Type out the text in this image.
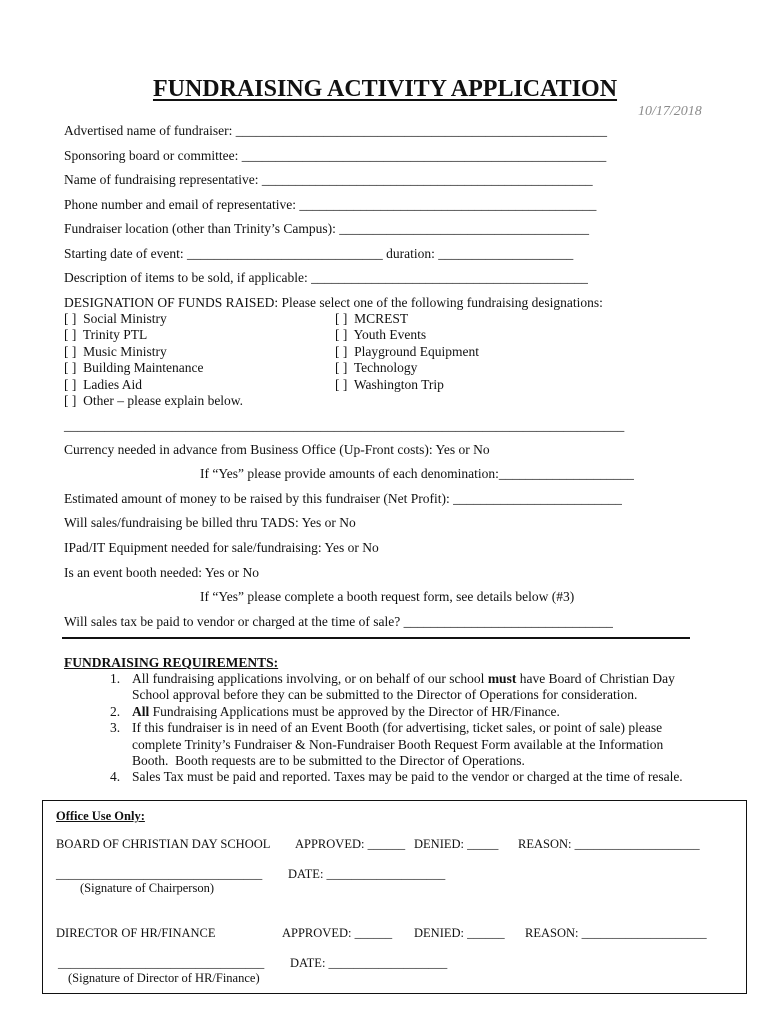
FUNDRAISING ACTIVITY APPLICATION
10/17/2018
Advertised name of fundraiser: _______________________________________________________
Sponsoring board or committee: ______________________________________________________
Name of fundraising representative: _________________________________________________
Phone number and email of representative: ____________________________________________
Fundraiser location (other than Trinity’s Campus): _____________________________________
Starting date of event: _____________________________ duration: ____________________
Description of items to be sold, if applicable: _________________________________________
DESIGNATION OF FUNDS RAISED: Please select one of the following fundraising designations:
[ ]  Social Ministry
[ ]  Trinity PTL
[ ]  Music Ministry
[ ]  Building Maintenance
[ ]  Ladies Aid
[ ]  Other – please explain below.
[ ]  MCREST
[ ]  Youth Events
[ ]  Playground Equipment
[ ]  Technology
[ ]  Washington Trip
___________________________________________________________________________________
Currency needed in advance from Business Office (Up-Front costs): Yes or No
If “Yes” please provide amounts of each denomination:____________________
Estimated amount of money to be raised by this fundraiser (Net Profit): _________________________
Will sales/fundraising be billed thru TADS: Yes or No
IPad/IT Equipment needed for sale/fundraising: Yes or No
Is an event booth needed: Yes or No
If “Yes” please complete a booth request form, see details below (#3)
Will sales tax be paid to vendor or charged at the time of sale? _______________________________
FUNDRAISING REQUIREMENTS:
1. All fundraising applications involving, or on behalf of our school must have Board of Christian Day
School approval before they can be submitted to the Director of Operations for consideration.
2. All Fundraising Applications must be approved by the Director of HR/Finance.
3. If this fundraiser is in need of an Event Booth (for advertising, ticket sales, or point of sale) please
complete Trinity’s Fundraiser & Non-Fundraiser Booth Request Form available at the Information
Booth.  Booth requests are to be submitted to the Director of Operations.
4. Sales Tax must be paid and reported. Taxes may be paid to the vendor or charged at the time of resale.
Office Use Only:
BOARD OF CHRISTIAN DAY SCHOOL APPROVED: ______ DENIED: _____ REASON: ____________________
_________________________________ DATE: ___________________
(Signature of Chairperson)
DIRECTOR OF HR/FINANCE	APPROVED: ______ DENIED: ______ REASON: ____________________
_________________________________ DATE: ___________________
(Signature of Director of HR/Finance)
